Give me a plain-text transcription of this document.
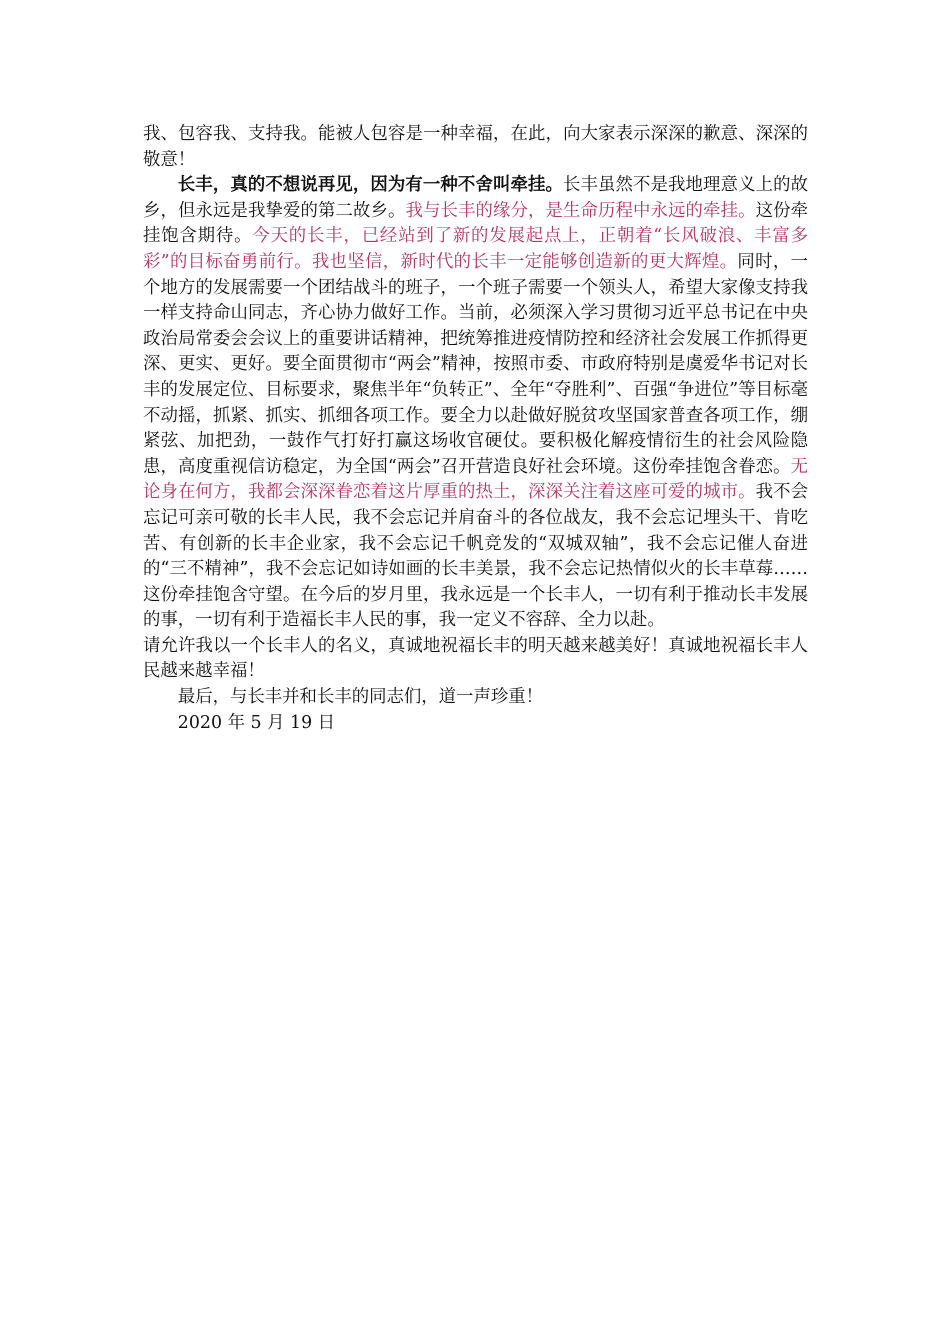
我、包容我、支持我。能被人包容是一种幸福，在此，向大家表示深深的歉意、深深的敬意！

长丰，真的不想说再见，因为有一种不舍叫牵挂。长丰虽然不是我地理意义上的故乡，但永远是我挚爱的第二故乡。我与长丰的缘分，是生命历程中永远的牵挂。这份牵挂饱含期待。今天的长丰，已经站到了新的发展起点上，正朝着“长风破浪、丰富多彩”的目标奋勇前行。我也坚信，新时代的长丰一定能够创造新的更大辉煌。同时，一个地方的发展需要一个团结战斗的班子，一个班子需要一个领头人，希望大家像支持我一样支持命山同志，齐心协力做好工作。当前，必须深入学习贯彻习近平总书记在中央政治局常委会会议上的重要讲话精神，把统筹推进疫情防控和经济社会发展工作抓得更深、更实、更好。要全面贯彻市“两会”精神，按照市委、市政府特别是虞爱华书记对长丰的发展定位、目标要求，聚焦半年“负转正”、全年“夺胜利”、百强“争进位”等目标毫不动摇，抓紧、抓实、抓细各项工作。要全力以赴做好脱贫攻坚国家普查各项工作，绷紧弦、加把劲，一鼓作气打好打赢这场收官硬仗。要积极化解疫情衍生的社会风险隐患，高度重视信访稳定，为全国“两会”召开营造良好社会环境。这份牵挂饱含眷恋。无论身在何方，我都会深深眷恋着这片厚重的热土，深深关注着这座可爱的城市。我不会忘记可亲可敬的长丰人民，我不会忘记并肩奋斗的各位战友，我不会忘记埋头干、肯吃苦、有创新的长丰企业家，我不会忘记千帆竞发的“双城双轴”，我不会忘记催人奋进的“三不精神”，我不会忘记如诗如画的长丰美景，我不会忘记热情似火的长丰草莓……这份牵挂饱含守望。在今后的岁月里，我永远是一个长丰人，一切有利于推动长丰发展的事，一切有利于造福长丰人民的事，我一定义不容辞、全力以赴。

请允许我以一个长丰人的名义，真诚地祝福长丰的明天越来越美好！真诚地祝福长丰人民越来越幸福！

最后，与长丰并和长丰的同志们，道一声珍重！

2020 年 5 月 19 日
